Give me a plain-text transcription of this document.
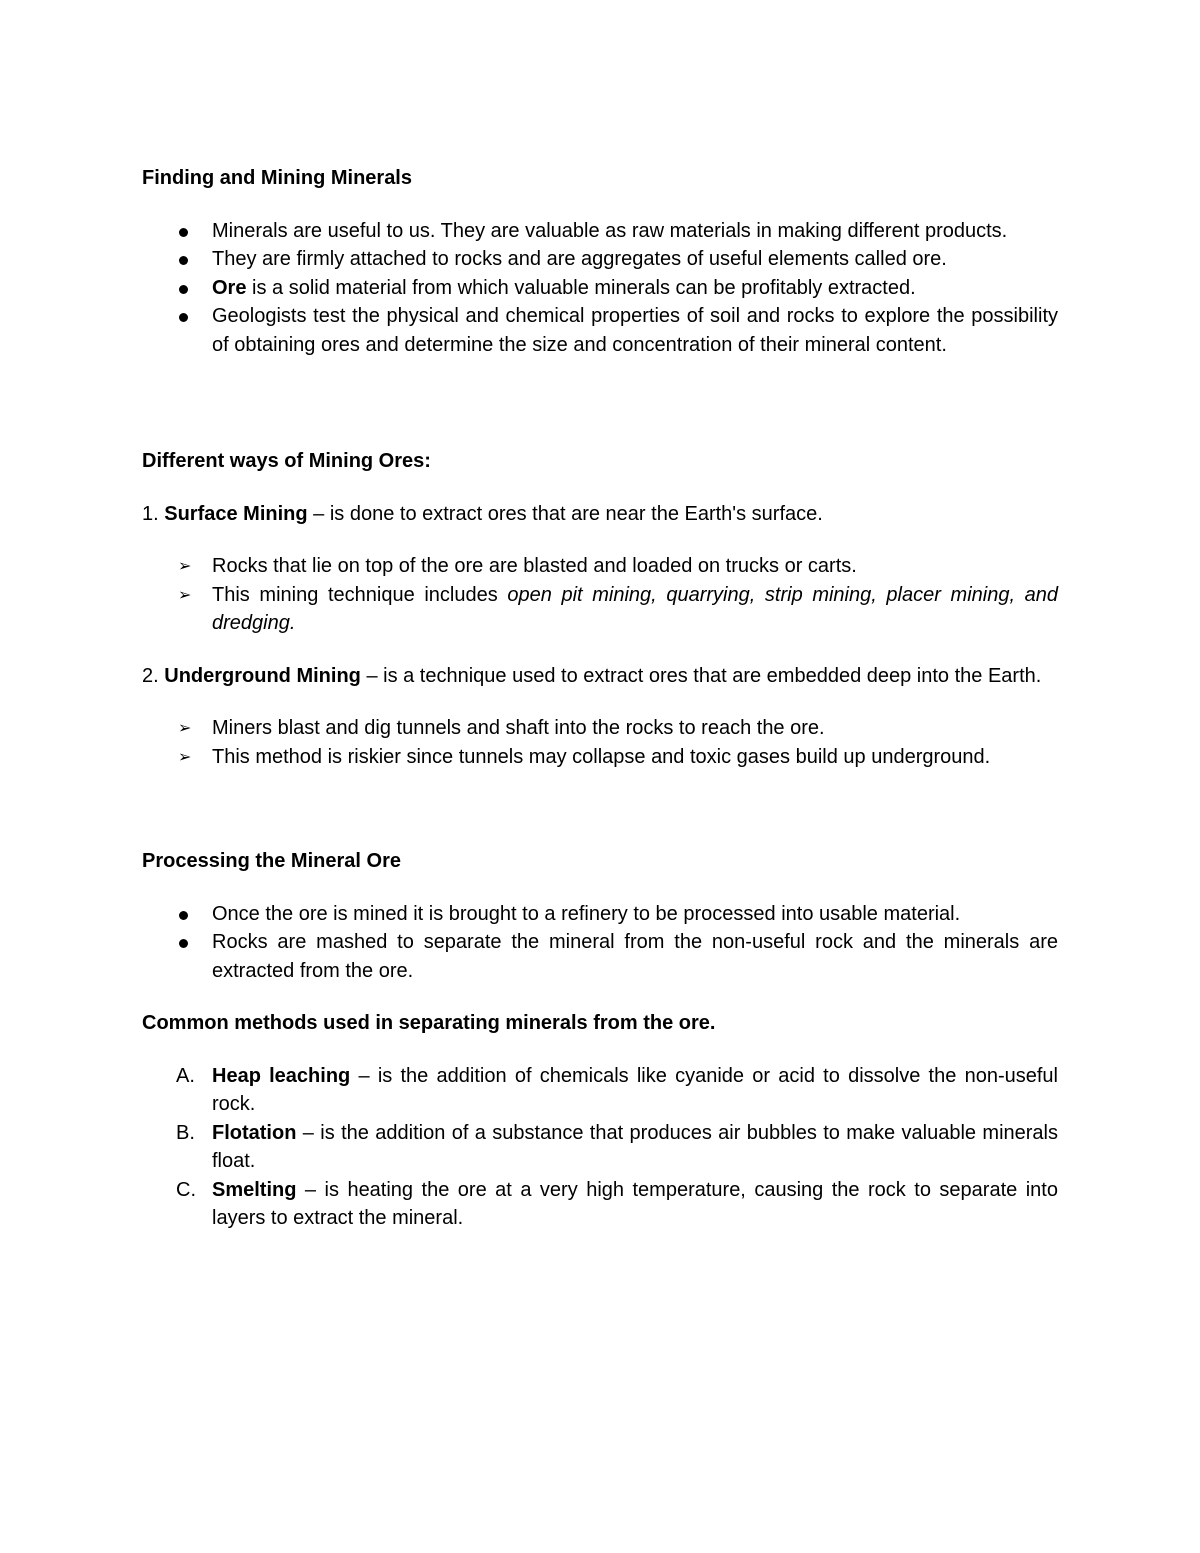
Finding and Mining Minerals
Minerals are useful to us. They are valuable as raw materials in making different products.
They are firmly attached to rocks and are aggregates of useful elements called ore.
Ore is a solid material from which valuable minerals can be profitably extracted.
Geologists test the physical and chemical properties of soil and rocks to explore the possibility of obtaining ores and determine the size and concentration of their mineral content.
Different ways of Mining Ores:

1. Surface Mining – is done to extract ores that are near the Earth's surface.

➢ Rocks that lie on top of the ore are blasted and loaded on trucks or carts.
➢ This mining technique includes open pit mining, quarrying, strip mining, placer mining, and dredging.

2. Underground Mining – is a technique used to extract ores that are embedded deep into the Earth.

➢ Miners blast and dig tunnels and shaft into the rocks to reach the ore.
➢ This method is riskier since tunnels may collapse and toxic gases build up underground.
Processing the Mineral Ore
Once the ore is mined it is brought to a refinery to be processed into usable material.
Rocks are mashed to separate the mineral from the non-useful rock and the minerals are extracted from the ore.
Common methods used in separating minerals from the ore.
A. Heap leaching – is the addition of chemicals like cyanide or acid to dissolve the non-useful rock.
B. Flotation – is the addition of a substance that produces air bubbles to make valuable minerals float.
C. Smelting – is heating the ore at a very high temperature, causing the rock to separate into layers to extract the mineral.
